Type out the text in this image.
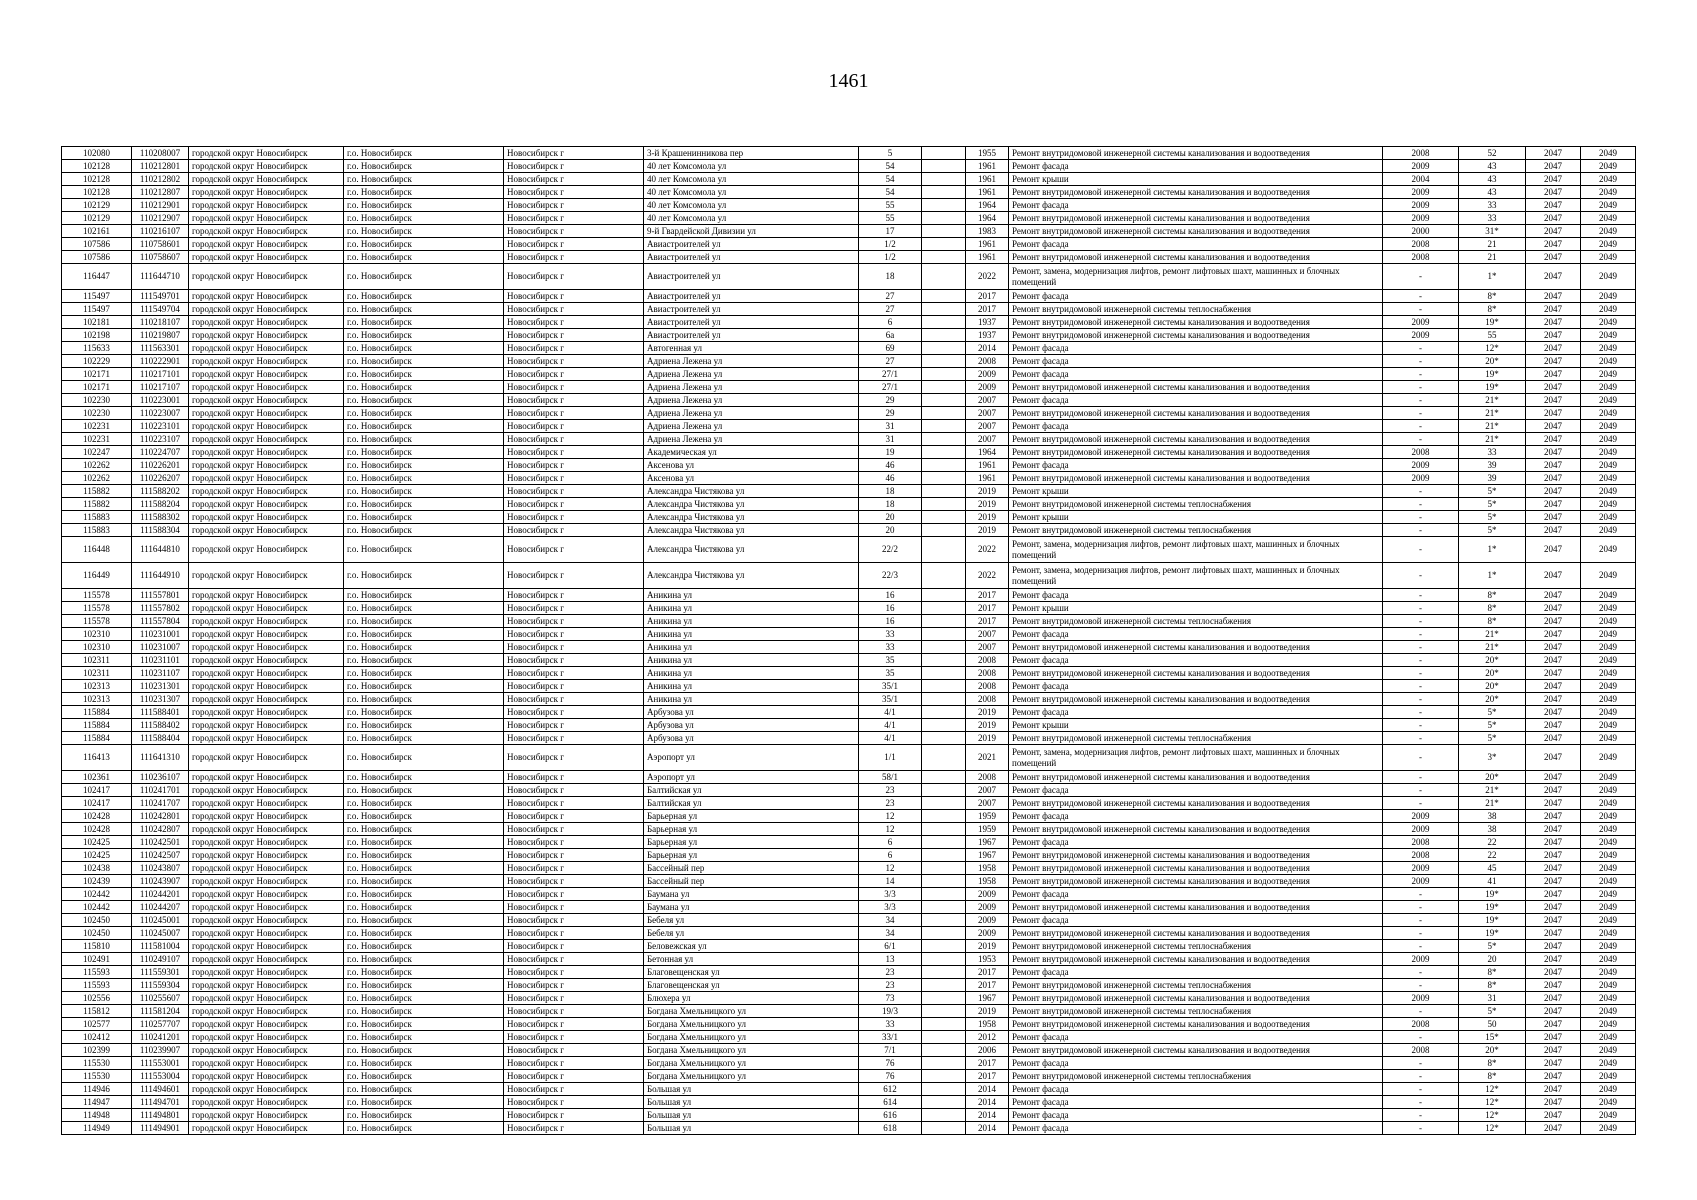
1461
102080	110208007	городской округ Новосибирск	г.о. Новосибирск	Новосибирск г	3-й Крашенинникова пер	5		1955	Ремонт внутридомовой инженерной системы канализования и водоотведения	2008	52	2047	2049
102128	110212801	городской округ Новосибирск	г.о. Новосибирск	Новосибирск г	40 лет Комсомола ул	54		1961	Ремонт фасада	2009	43	2047	2049
102128	110212802	городской округ Новосибирск	г.о. Новосибирск	Новосибирск г	40 лет Комсомола ул	54		1961	Ремонт крыши	2004	43	2047	2049
102128	110212807	городской округ Новосибирск	г.о. Новосибирск	Новосибирск г	40 лет Комсомола ул	54		1961	Ремонт внутридомовой инженерной системы канализования и водоотведения	2009	43	2047	2049
102129	110212901	городской округ Новосибирск	г.о. Новосибирск	Новосибирск г	40 лет Комсомола ул	55		1964	Ремонт фасада	2009	33	2047	2049
102129	110212907	городской округ Новосибирск	г.о. Новосибирск	Новосибирск г	40 лет Комсомола ул	55		1964	Ремонт внутридомовой инженерной системы канализования и водоотведения	2009	33	2047	2049
102161	110216107	городской округ Новосибирск	г.о. Новосибирск	Новосибирск г	9-й Гвардейской Дивизии ул	17		1983	Ремонт внутридомовой инженерной системы канализования и водоотведения	2000	31*	2047	2049
107586	110758601	городской округ Новосибирск	г.о. Новосибирск	Новосибирск г	Авиастроителей ул	1/2		1961	Ремонт фасада	2008	21	2047	2049
107586	110758607	городской округ Новосибирск	г.о. Новосибирск	Новосибирск г	Авиастроителей ул	1/2		1961	Ремонт внутридомовой инженерной системы канализования и водоотведения	2008	21	2047	2049
116447	111644710	городской округ Новосибирск	г.о. Новосибирск	Новосибирск г	Авиастроителей ул	18		2022	Ремонт, замена, модернизация лифтов, ремонт лифтовых шахт, машинных и блочных помещений	-	1*	2047	2049
115497	111549701	городской округ Новосибирск	г.о. Новосибирск	Новосибирск г	Авиастроителей ул	27		2017	Ремонт фасада	-	8*	2047	2049
115497	111549704	городской округ Новосибирск	г.о. Новосибирск	Новосибирск г	Авиастроителей ул	27		2017	Ремонт внутридомовой инженерной системы теплоснабжения	-	8*	2047	2049
102181	110218107	городской округ Новосибирск	г.о. Новосибирск	Новосибирск г	Авиастроителей ул	6		1937	Ремонт внутридомовой инженерной системы канализования и водоотведения	2009	19*	2047	2049
102198	110219807	городской округ Новосибирск	г.о. Новосибирск	Новосибирск г	Авиастроителей ул	6а		1937	Ремонт внутридомовой инженерной системы канализования и водоотведения	2009	55	2047	2049
115633	111563301	городской округ Новосибирск	г.о. Новосибирск	Новосибирск г	Автогенная ул	69		2014	Ремонт фасада	-	12*	2047	2049
102229	110222901	городской округ Новосибирск	г.о. Новосибирск	Новосибирск г	Адриена Лежена ул	27		2008	Ремонт фасада	-	20*	2047	2049
102171	110217101	городской округ Новосибирск	г.о. Новосибирск	Новосибирск г	Адриена Лежена ул	27/1		2009	Ремонт фасада	-	19*	2047	2049
102171	110217107	городской округ Новосибирск	г.о. Новосибирск	Новосибирск г	Адриена Лежена ул	27/1		2009	Ремонт внутридомовой инженерной системы канализования и водоотведения	-	19*	2047	2049
102230	110223001	городской округ Новосибирск	г.о. Новосибирск	Новосибирск г	Адриена Лежена ул	29		2007	Ремонт фасада	-	21*	2047	2049
102230	110223007	городской округ Новосибирск	г.о. Новосибирск	Новосибирск г	Адриена Лежена ул	29		2007	Ремонт внутридомовой инженерной системы канализования и водоотведения	-	21*	2047	2049
102231	110223101	городской округ Новосибирск	г.о. Новосибирск	Новосибирск г	Адриена Лежена ул	31		2007	Ремонт фасада	-	21*	2047	2049
102231	110223107	городской округ Новосибирск	г.о. Новосибирск	Новосибирск г	Адриена Лежена ул	31		2007	Ремонт внутридомовой инженерной системы канализования и водоотведения	-	21*	2047	2049
102247	110224707	городской округ Новосибирск	г.о. Новосибирск	Новосибирск г	Академическая ул	19		1964	Ремонт внутридомовой инженерной системы канализования и водоотведения	2008	33	2047	2049
102262	110226201	городской округ Новосибирск	г.о. Новосибирск	Новосибирск г	Аксенова ул	46		1961	Ремонт фасада	2009	39	2047	2049
102262	110226207	городской округ Новосибирск	г.о. Новосибирск	Новосибирск г	Аксенова ул	46		1961	Ремонт внутридомовой инженерной системы канализования и водоотведения	2009	39	2047	2049
115882	111588202	городской округ Новосибирск	г.о. Новосибирск	Новосибирск г	Александра Чистякова ул	18		2019	Ремонт крыши	-	5*	2047	2049
115882	111588204	городской округ Новосибирск	г.о. Новосибирск	Новосибирск г	Александра Чистякова ул	18		2019	Ремонт внутридомовой инженерной системы теплоснабжения	-	5*	2047	2049
115883	111588302	городской округ Новосибирск	г.о. Новосибирск	Новосибирск г	Александра Чистякова ул	20		2019	Ремонт крыши	-	5*	2047	2049
115883	111588304	городской округ Новосибирск	г.о. Новосибирск	Новосибирск г	Александра Чистякова ул	20		2019	Ремонт внутридомовой инженерной системы теплоснабжения	-	5*	2047	2049
116448	111644810	городской округ Новосибирск	г.о. Новосибирск	Новосибирск г	Александра Чистякова ул	22/2		2022	Ремонт, замена, модернизация лифтов, ремонт лифтовых шахт, машинных и блочных помещений	-	1*	2047	2049
116449	111644910	городской округ Новосибирск	г.о. Новосибирск	Новосибирск г	Александра Чистякова ул	22/3		2022	Ремонт, замена, модернизация лифтов, ремонт лифтовых шахт, машинных и блочных помещений	-	1*	2047	2049
115578	111557801	городской округ Новосибирск	г.о. Новосибирск	Новосибирск г	Аникина ул	16		2017	Ремонт фасада	-	8*	2047	2049
115578	111557802	городской округ Новосибирск	г.о. Новосибирск	Новосибирск г	Аникина ул	16		2017	Ремонт крыши	-	8*	2047	2049
115578	111557804	городской округ Новосибирск	г.о. Новосибирск	Новосибирск г	Аникина ул	16		2017	Ремонт внутридомовой инженерной системы теплоснабжения	-	8*	2047	2049
102310	110231001	городской округ Новосибирск	г.о. Новосибирск	Новосибирск г	Аникина ул	33		2007	Ремонт фасада	-	21*	2047	2049
102310	110231007	городской округ Новосибирск	г.о. Новосибирск	Новосибирск г	Аникина ул	33		2007	Ремонт внутридомовой инженерной системы канализования и водоотведения	-	21*	2047	2049
102311	110231101	городской округ Новосибирск	г.о. Новосибирск	Новосибирск г	Аникина ул	35		2008	Ремонт фасада	-	20*	2047	2049
102311	110231107	городской округ Новосибирск	г.о. Новосибирск	Новосибирск г	Аникина ул	35		2008	Ремонт внутридомовой инженерной системы канализования и водоотведения	-	20*	2047	2049
102313	110231301	городской округ Новосибирск	г.о. Новосибирск	Новосибирск г	Аникина ул	35/1		2008	Ремонт фасада	-	20*	2047	2049
102313	110231307	городской округ Новосибирск	г.о. Новосибирск	Новосибирск г	Аникина ул	35/1		2008	Ремонт внутридомовой инженерной системы канализования и водоотведения	-	20*	2047	2049
115884	111588401	городской округ Новосибирск	г.о. Новосибирск	Новосибирск г	Арбузова ул	4/1		2019	Ремонт фасада	-	5*	2047	2049
115884	111588402	городской округ Новосибирск	г.о. Новосибирск	Новосибирск г	Арбузова ул	4/1		2019	Ремонт крыши	-	5*	2047	2049
115884	111588404	городской округ Новосибирск	г.о. Новосибирск	Новосибирск г	Арбузова ул	4/1		2019	Ремонт внутридомовой инженерной системы теплоснабжения	-	5*	2047	2049
116413	111641310	городской округ Новосибирск	г.о. Новосибирск	Новосибирск г	Аэропорт ул	1/1		2021	Ремонт, замена, модернизация лифтов, ремонт лифтовых шахт, машинных и блочных помещений	-	3*	2047	2049
102361	110236107	городской округ Новосибирск	г.о. Новосибирск	Новосибирск г	Аэропорт ул	58/1		2008	Ремонт внутридомовой инженерной системы канализования и водоотведения	-	20*	2047	2049
102417	110241701	городской округ Новосибирск	г.о. Новосибирск	Новосибирск г	Балтийская ул	23		2007	Ремонт фасада	-	21*	2047	2049
102417	110241707	городской округ Новосибирск	г.о. Новосибирск	Новосибирск г	Балтийская ул	23		2007	Ремонт внутридомовой инженерной системы канализования и водоотведения	-	21*	2047	2049
102428	110242801	городской округ Новосибирск	г.о. Новосибирск	Новосибирск г	Барьерная ул	12		1959	Ремонт фасада	2009	38	2047	2049
102428	110242807	городской округ Новосибирск	г.о. Новосибирск	Новосибирск г	Барьерная ул	12		1959	Ремонт внутридомовой инженерной системы канализования и водоотведения	2009	38	2047	2049
102425	110242501	городской округ Новосибирск	г.о. Новосибирск	Новосибирск г	Барьерная ул	6		1967	Ремонт фасада	2008	22	2047	2049
102425	110242507	городской округ Новосибирск	г.о. Новосибирск	Новосибирск г	Барьерная ул	6		1967	Ремонт внутридомовой инженерной системы канализования и водоотведения	2008	22	2047	2049
102438	110243807	городской округ Новосибирск	г.о. Новосибирск	Новосибирск г	Бассейный пер	12		1958	Ремонт внутридомовой инженерной системы канализования и водоотведения	2009	45	2047	2049
102439	110243907	городской округ Новосибирск	г.о. Новосибирск	Новосибирск г	Бассейный пер	14		1958	Ремонт внутридомовой инженерной системы канализования и водоотведения	2009	41	2047	2049
102442	110244201	городской округ Новосибирск	г.о. Новосибирск	Новосибирск г	Баумана ул	3/3		2009	Ремонт фасада	-	19*	2047	2049
102442	110244207	городской округ Новосибирск	г.о. Новосибирск	Новосибирск г	Баумана ул	3/3		2009	Ремонт внутридомовой инженерной системы канализования и водоотведения	-	19*	2047	2049
102450	110245001	городской округ Новосибирск	г.о. Новосибирск	Новосибирск г	Бебеля ул	34		2009	Ремонт фасада	-	19*	2047	2049
102450	110245007	городской округ Новосибирск	г.о. Новосибирск	Новосибирск г	Бебеля ул	34		2009	Ремонт внутридомовой инженерной системы канализования и водоотведения	-	19*	2047	2049
115810	111581004	городской округ Новосибирск	г.о. Новосибирск	Новосибирск г	Беловежская ул	6/1		2019	Ремонт внутридомовой инженерной системы теплоснабжения	-	5*	2047	2049
102491	110249107	городской округ Новосибирск	г.о. Новосибирск	Новосибирск г	Бетонная ул	13		1953	Ремонт внутридомовой инженерной системы канализования и водоотведения	2009	20	2047	2049
115593	111559301	городской округ Новосибирск	г.о. Новосибирск	Новосибирск г	Благовещенская ул	23		2017	Ремонт фасада	-	8*	2047	2049
115593	111559304	городской округ Новосибирск	г.о. Новосибирск	Новосибирск г	Благовещенская ул	23		2017	Ремонт внутридомовой инженерной системы теплоснабжения	-	8*	2047	2049
102556	110255607	городской округ Новосибирск	г.о. Новосибирск	Новосибирск г	Блюхера ул	73		1967	Ремонт внутридомовой инженерной системы канализования и водоотведения	2009	31	2047	2049
115812	111581204	городской округ Новосибирск	г.о. Новосибирск	Новосибирск г	Богдана Хмельницкого ул	19/3		2019	Ремонт внутридомовой инженерной системы теплоснабжения	-	5*	2047	2049
102577	110257707	городской округ Новосибирск	г.о. Новосибирск	Новосибирск г	Богдана Хмельницкого ул	33		1958	Ремонт внутридомовой инженерной системы канализования и водоотведения	2008	50	2047	2049
102412	110241201	городской округ Новосибирск	г.о. Новосибирск	Новосибирск г	Богдана Хмельницкого ул	33/1		2012	Ремонт фасада	-	15*	2047	2049
102399	110239907	городской округ Новосибирск	г.о. Новосибирск	Новосибирск г	Богдана Хмельницкого ул	7/1		2006	Ремонт внутридомовой инженерной системы канализования и водоотведения	2008	20*	2047	2049
115530	111553001	городской округ Новосибирск	г.о. Новосибирск	Новосибирск г	Богдана Хмельницкого ул	76		2017	Ремонт фасада	-	8*	2047	2049
115530	111553004	городской округ Новосибирск	г.о. Новосибирск	Новосибирск г	Богдана Хмельницкого ул	76		2017	Ремонт внутридомовой инженерной системы теплоснабжения	-	8*	2047	2049
114946	111494601	городской округ Новосибирск	г.о. Новосибирск	Новосибирск г	Большая ул	612		2014	Ремонт фасада	-	12*	2047	2049
114947	111494701	городской округ Новосибирск	г.о. Новосибирск	Новосибирск г	Большая ул	614		2014	Ремонт фасада	-	12*	2047	2049
114948	111494801	городской округ Новосибирск	г.о. Новосибирск	Новосибирск г	Большая ул	616		2014	Ремонт фасада	-	12*	2047	2049
114949	111494901	городской округ Новосибирск	г.о. Новосибирск	Новосибирск г	Большая ул	618		2014	Ремонт фасада	-	12*	2047	2049
